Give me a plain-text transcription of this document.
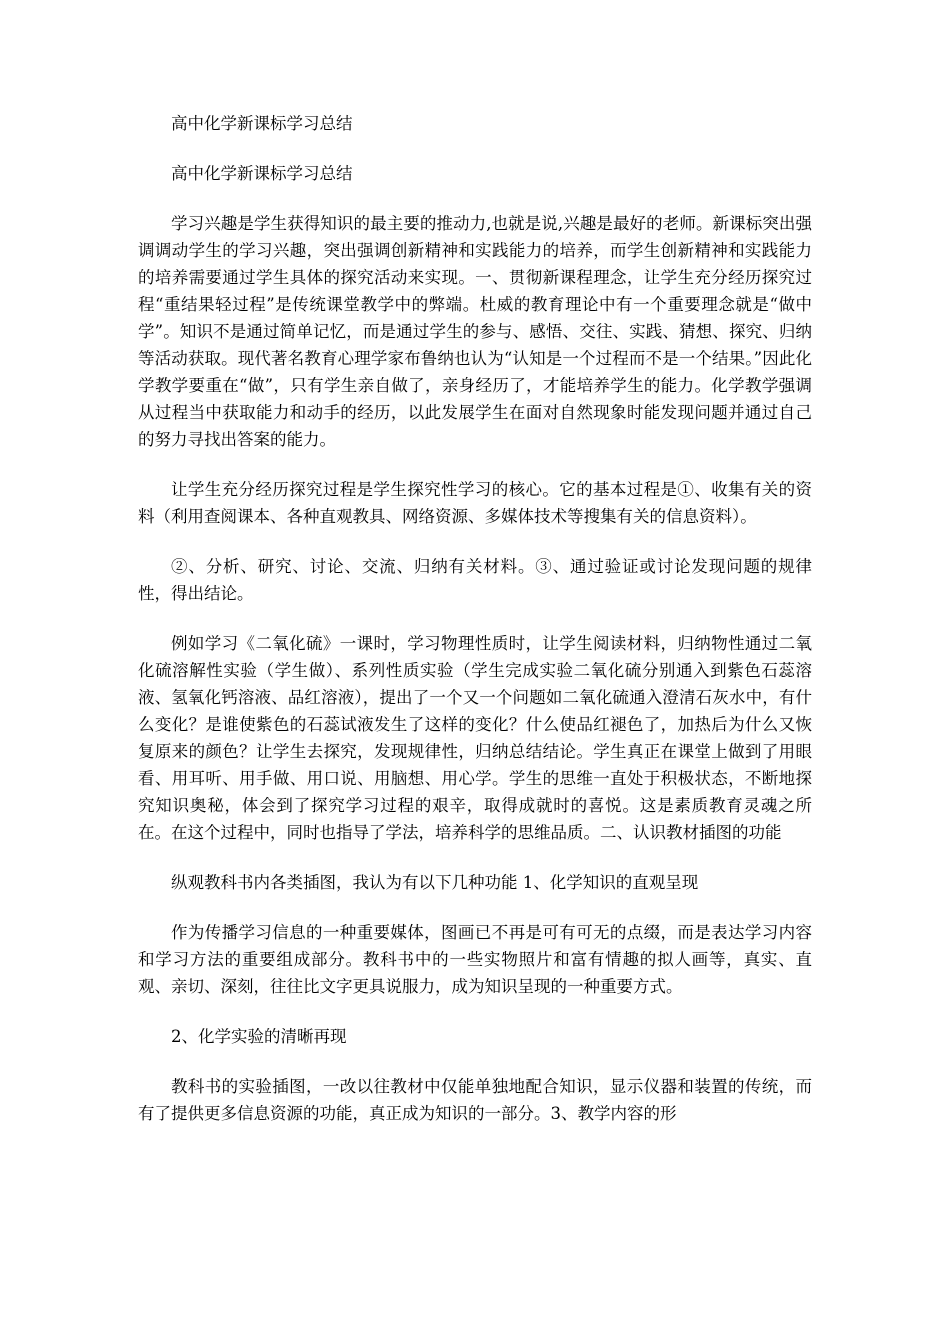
高中化学新课标学习总结

高中化学新课标学习总结

学习兴趣是学生获得知识的最主要的推动力,也就是说,兴趣是最好的老师。新课标突出强调调动学生的学习兴趣，突出强调创新精神和实践能力的培养，而学生创新精神和实践能力的培养需要通过学生具体的探究活动来实现。一、贯彻新课程理念，让学生充分经历探究过程“重结果轻过程”是传统课堂教学中的弊端。杜威的教育理论中有一个重要理念就是“做中学”。知识不是通过简单记忆，而是通过学生的参与、感悟、交往、实践、猜想、探究、归纳等活动获取。现代著名教育心理学家布鲁纳也认为“认知是一个过程而不是一个结果。”因此化学教学要重在“做”，只有学生亲自做了，亲身经历了，才能培养学生的能力。化学教学强调从过程当中获取能力和动手的经历，以此发展学生在面对自然现象时能发现问题并通过自己的努力寻找出答案的能力。

让学生充分经历探究过程是学生探究性学习的核心。它的基本过程是①、收集有关的资料（利用查阅课本、各种直观教具、网络资源、多媒体技术等搜集有关的信息资料）。

②、分析、研究、讨论、交流、归纳有关材料。③、通过验证或讨论发现问题的规律性，得出结论。

例如学习《二氧化硫》一课时，学习物理性质时，让学生阅读材料，归纳物性通过二氧化硫溶解性实验（学生做）、系列性质实验（学生完成实验二氧化硫分别通入到紫色石蕊溶液、氢氧化钙溶液、品红溶液），提出了一个又一个问题如二氧化硫通入澄清石灰水中，有什么变化？是谁使紫色的石蕊试液发生了这样的变化？什么使品红褪色了，加热后为什么又恢复原来的颜色？让学生去探究，发现规律性，归纳总结结论。学生真正在课堂上做到了用眼看、用耳听、用手做、用口说、用脑想、用心学。学生的思维一直处于积极状态，不断地探究知识奥秘，体会到了探究学习过程的艰辛，取得成就时的喜悦。这是素质教育灵魂之所在。在这个过程中，同时也指导了学法，培养科学的思维品质。二、认识教材插图的功能

纵观教科书内各类插图，我认为有以下几种功能 1、化学知识的直观呈现

作为传播学习信息的一种重要媒体，图画已不再是可有可无的点缀，而是表达学习内容和学习方法的重要组成部分。教科书中的一些实物照片和富有情趣的拟人画等，真实、直观、亲切、深刻，往往比文字更具说服力，成为知识呈现的一种重要方式。

2、化学实验的清晰再现

教科书的实验插图，一改以往教材中仅能单独地配合知识，显示仪器和装置的传统，而有了提供更多信息资源的功能，真正成为知识的一部分。3、教学内容的形
